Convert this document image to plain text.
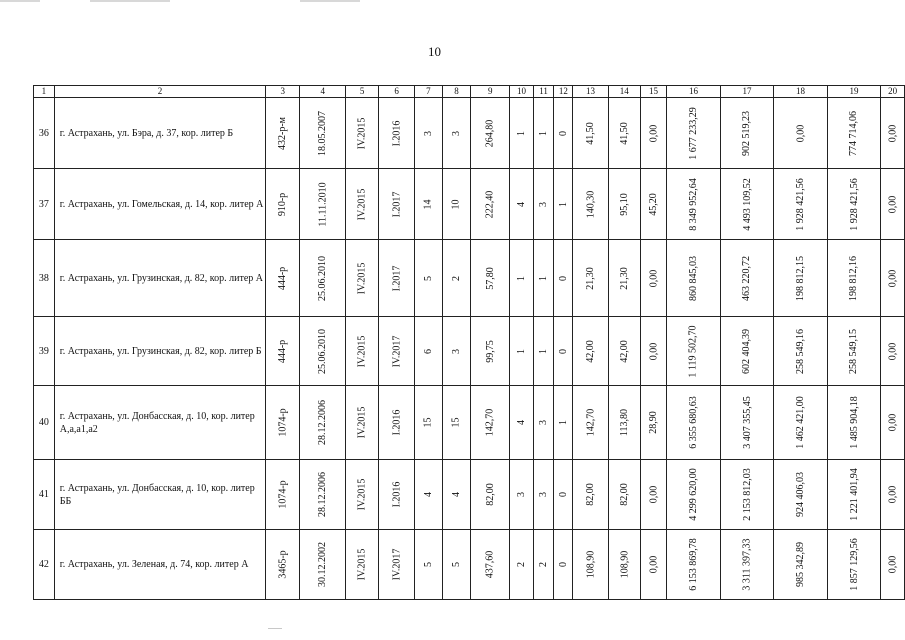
10
1	2	3	4	5	6	7	8	9	10	11	12	13	14	15	16	17	18	19	20
36	г. Астрахань, ул. Бэра, д. 37, кор. литер Б	432-р-м	18.05.2007	IV.2015	I.2016	3	3	264,80	1	1	0	41,50	41,50	0,00	1 677 233,29	902 519,23	0,00	774 714,06	0,00
37	г. Астрахань, ул. Гомельская, д. 14, кор. литер А	910-р	11.11.2010	IV.2015	I.2017	14	10	222,40	4	3	1	140,30	95,10	45,20	8 349 952,64	4 493 109,52	1 928 421,56	1 928 421,56	0,00
38	г. Астрахань, ул. Грузинская, д. 82, кор. литер А	444-р	25.06.2010	IV.2015	I.2017	5	2	57,80	1	1	0	21,30	21,30	0,00	860 845,03	463 220,72	198 812,15	198 812,16	0,00
39	г. Астрахань, ул. Грузинская, д. 82, кор. литер Б	444-р	25.06.2010	IV.2015	IV.2017	6	3	99,75	1	1	0	42,00	42,00	0,00	1 119 502,70	602 404,39	258 549,16	258 549,15	0,00
40	г. Астрахань, ул. Донбасская, д. 10, кор. литер А,а,а1,а2	1074-р	28.12.2006	IV.2015	I.2016	15	15	142,70	4	3	1	142,70	113,80	28,90	6 355 680,63	3 407 355,45	1 462 421,00	1 485 904,18	0,00
41	г. Астрахань, ул. Донбасская, д. 10, кор. литер ББ	1074-р	28.12.2006	IV.2015	I.2016	4	4	82,00	3	3	0	82,00	82,00	0,00	4 299 620,00	2 153 812,03	924 406,03	1 221 401,94	0,00
42	г. Астрахань, ул. Зеленая, д. 74, кор. литер А	3465-р	30.12.2002	IV.2015	IV.2017	5	5	437,60	2	2	0	108,90	108,90	0,00	6 153 869,78	3 311 397,33	985 342,89	1 857 129,56	0,00
